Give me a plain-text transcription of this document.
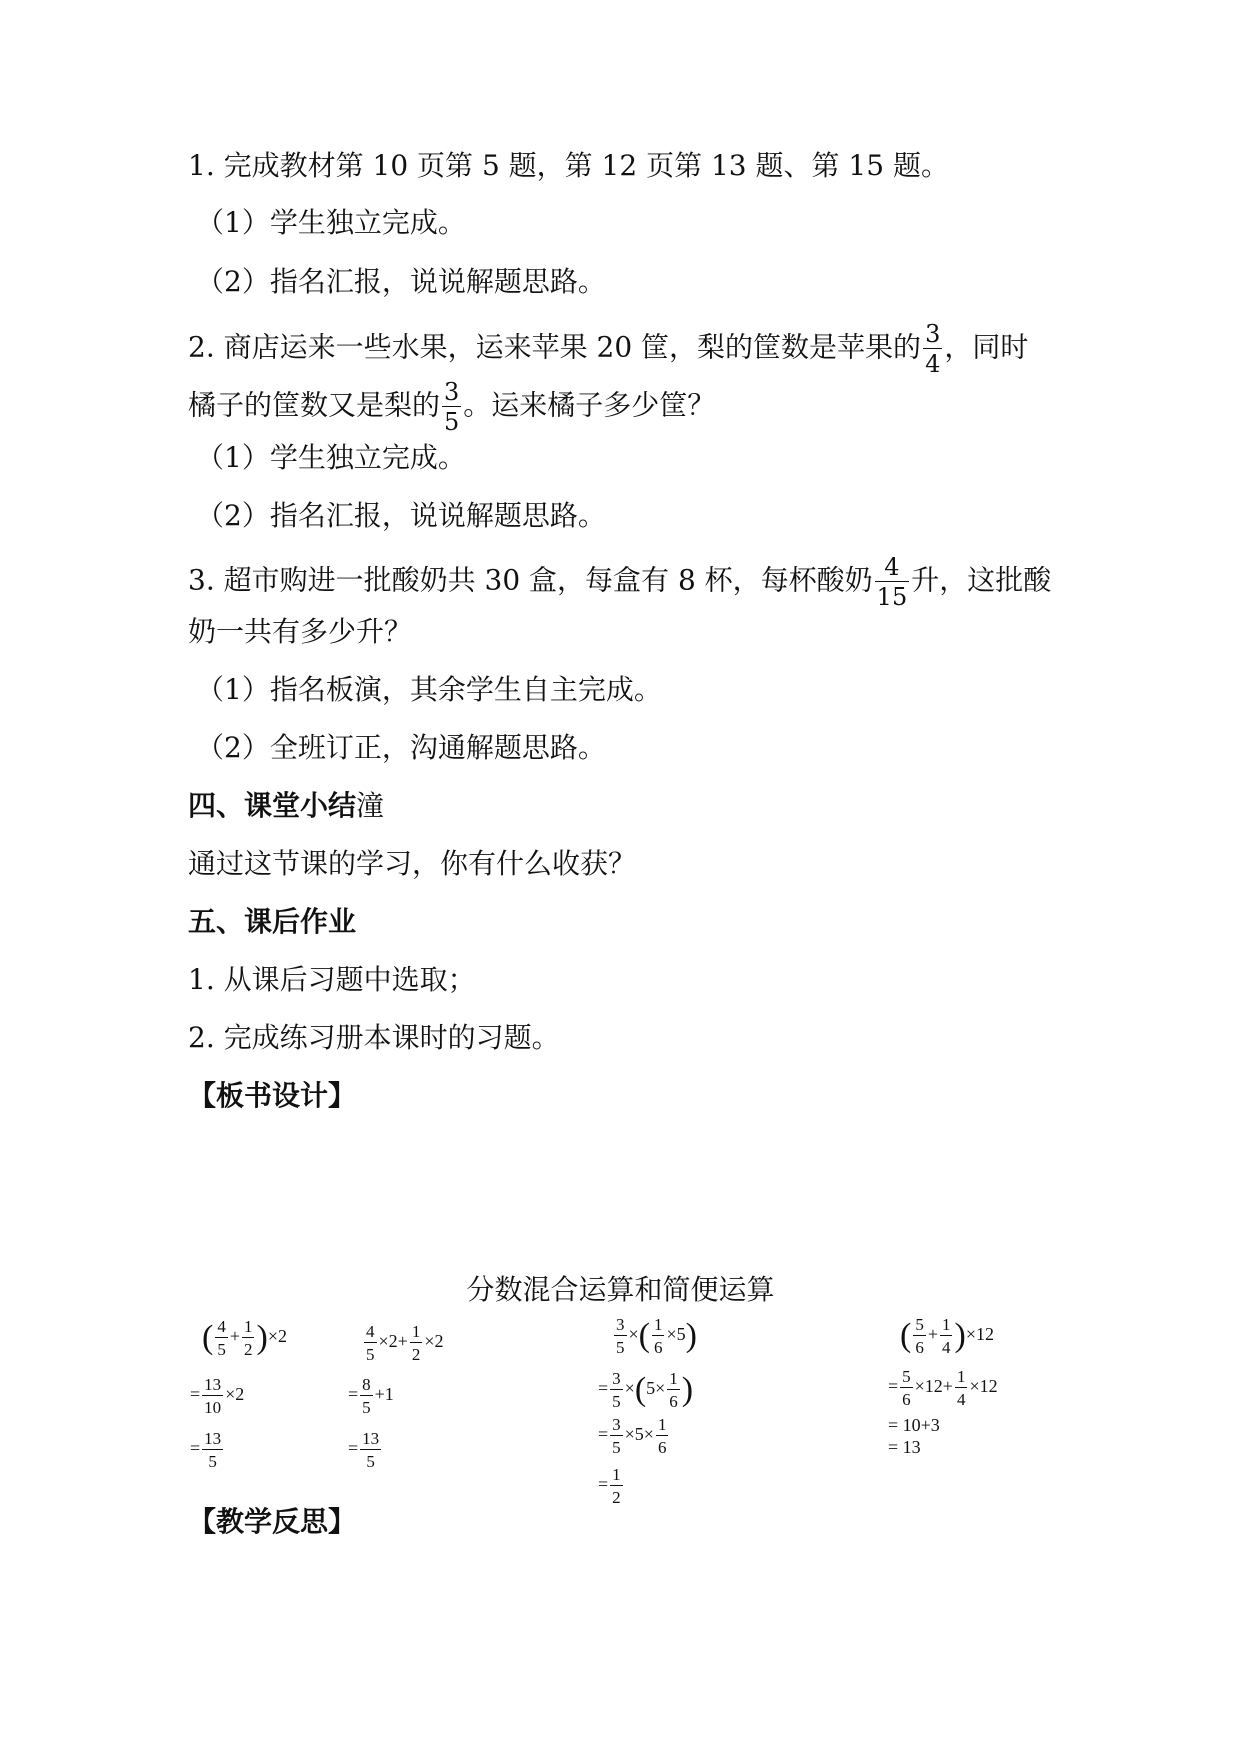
1. 完成教材第 10 页第 5 题，第 12 页第 13 题、第 15 题。
（1）学生独立完成。
（2）指名汇报，说说解题思路。
2. 商店运来一些水果，运来苹果 20 筐，梨的筐数是苹果的 $\frac{3}{4}$ ，同时
橘子的筐数又是梨的 $\frac{3}{5}$ 。运来橘子多少筐？
（1）学生独立完成。
（2）指名汇报，说说解题思路。
3. 超市购进一批酸奶共 30 盒，每盒有 8 杯，每杯酸奶 $\frac{4}{15}$ 升，这批酸
奶一共有多少升？
（1）指名板演，其余学生自主完成。
（2）全班订正，沟通解题思路。
四、课堂小结潼
通过这节课的学习，你有什么收获？
五、课后作业
1. 从课后习题中选取；
2. 完成练习册本课时的习题。
【板书设计】
分数混合运算和简便运算
( $\frac{4}{5} + \frac{1}{2} )\times 2$
= $\frac{13}{10} \times 2$
= $\frac{13}{5}$
$\frac{4}{5} \times 2+ \frac{1}{2} \times 2$
= $\frac{8}{5} +1$
= $\frac{13}{5}$
$\frac{3}{5}$ ×( $\frac{1}{6} \times 5$)
= $\frac{3}{5} \times(5\times \frac{1}{6}$ )
= $\frac{3}{5} \times 5\times \frac{1}{6}$
= $\frac{1}{2}$
( $\frac{5}{6} + \frac{1}{4} )\times 12$
= $\frac{5}{6} \times 12+ \frac{1}{4} \times 12$
= 10+3
= 13
【教学反思】
